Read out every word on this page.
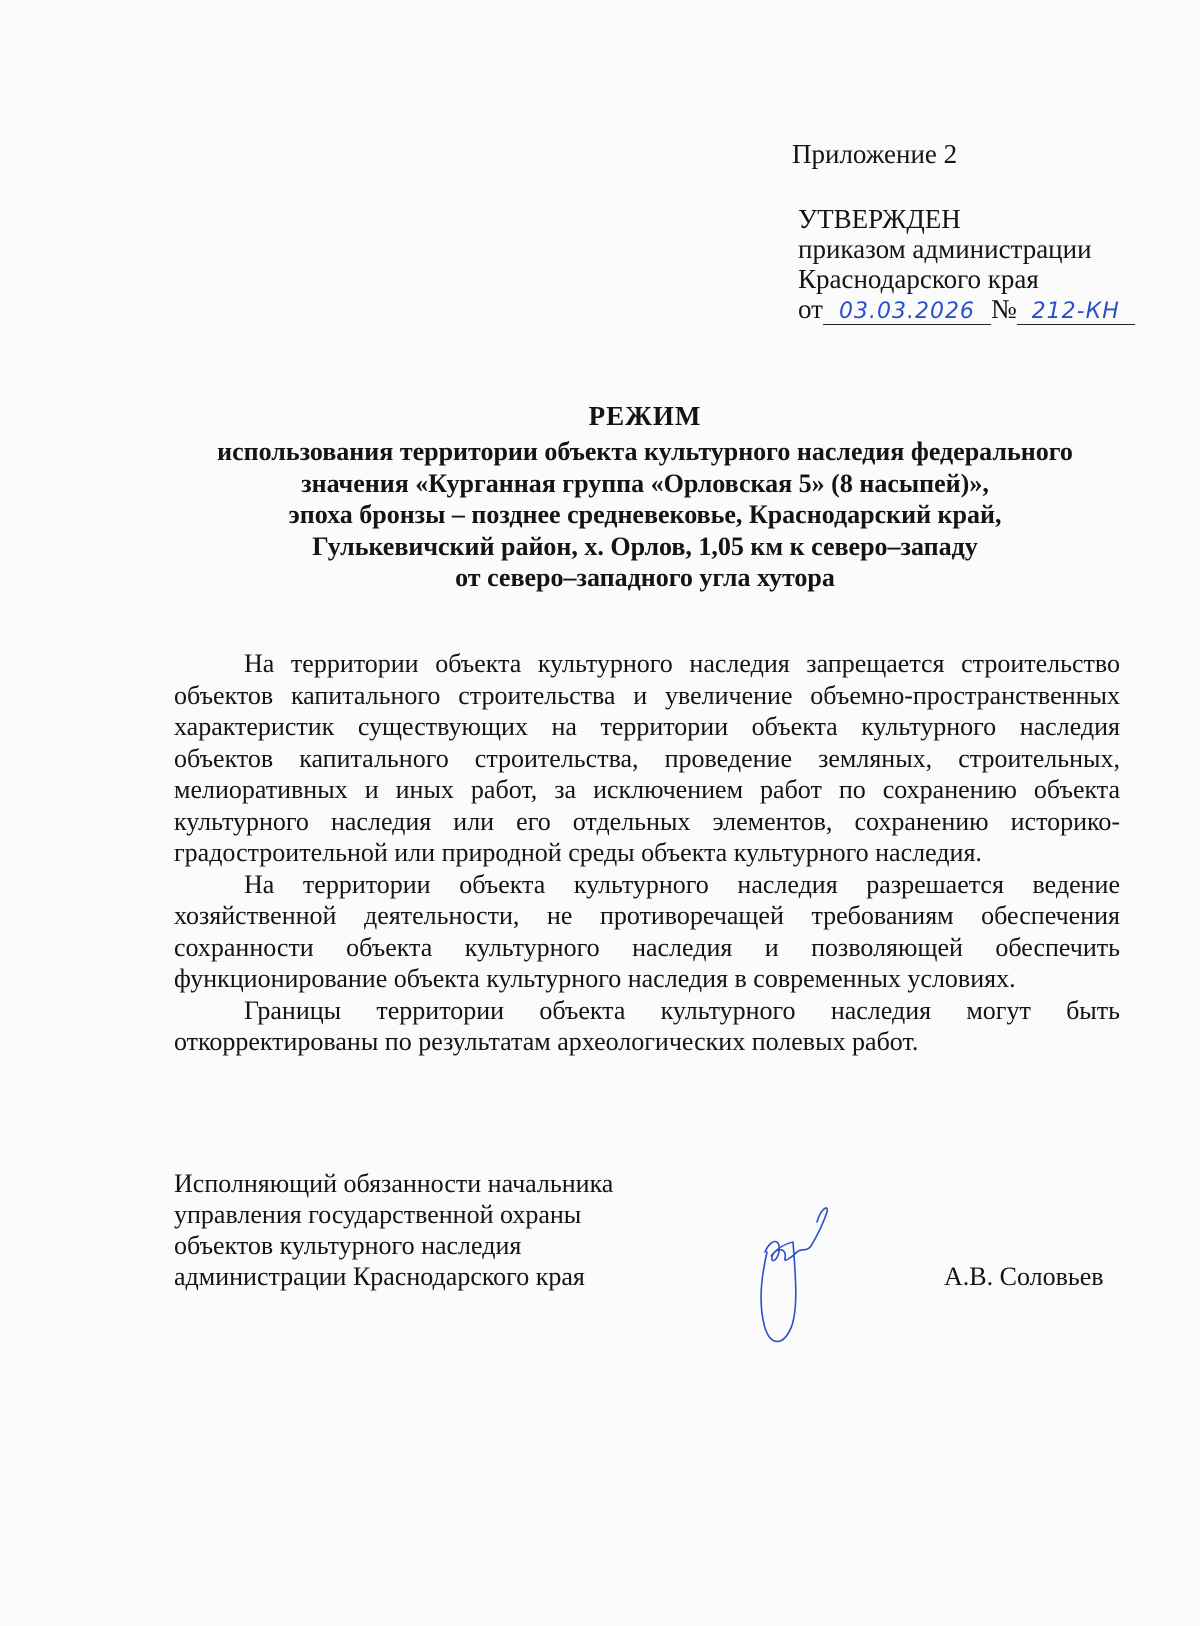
Приложение 2
УТВЕРЖДЕН
приказом администрации
Краснодарского края
от 03.03.2026 № 212-КН
РЕЖИМ
использования территории объекта культурного наследия федерального
значения «Курганная группа «Орловская 5» (8 насыпей)»,
эпоха бронзы – позднее средневековье, Краснодарский край,
Гулькевичский район, х. Орлов, 1,05 км к северо–западу
от северо–западного угла хутора

На территории объекта культурного наследия запрещается строительство объектов капитального строительства и увеличение объемно-пространственных характеристик существующих на территории объекта культурного наследия объектов капитального строительства, проведение земляных, строительных, мелиоративных и иных работ, за исключением работ по сохранению объекта культурного наследия или его отдельных элементов, сохранению историко-градостроительной или природной среды объекта культурного наследия.

На территории объекта культурного наследия разрешается ведение хозяйственной деятельности, не противоречащей требованиям обеспечения сохранности объекта культурного наследия и позволяющей обеспечить функционирование объекта культурного наследия в современных условиях.

Границы территории объекта культурного наследия могут быть откорректированы по результатам археологических полевых работ.

Исполняющий обязанности начальника
управления государственной охраны
объектов культурного наследия
администрации Краснодарского края	А.В. Соловьев
